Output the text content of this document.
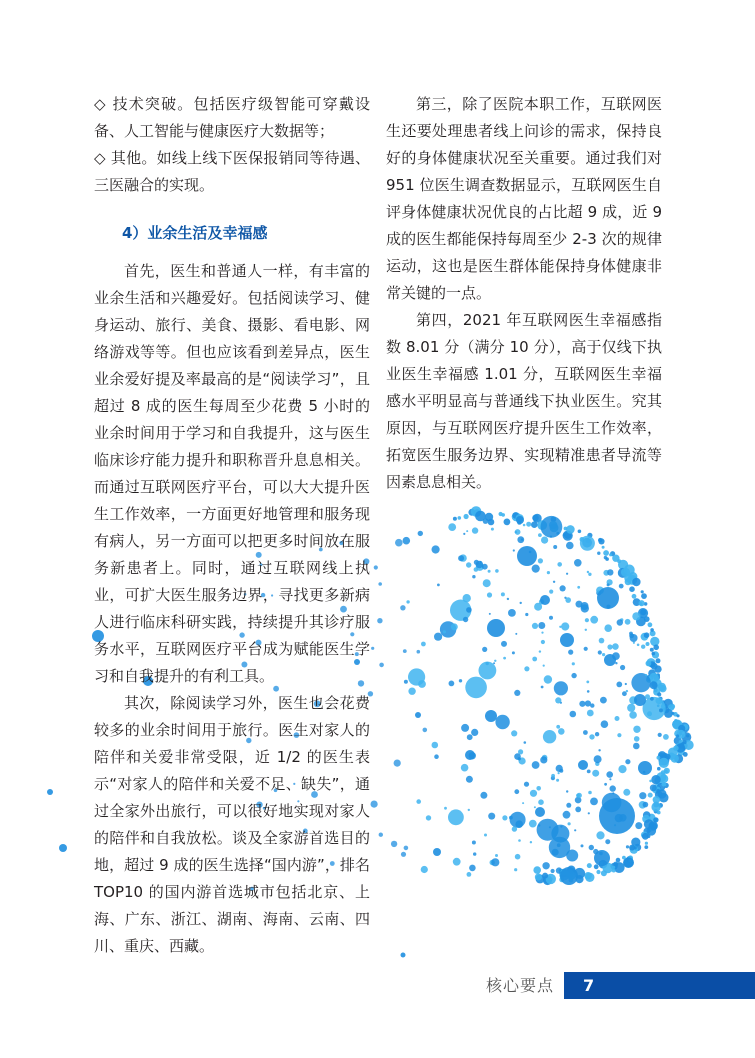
◇ 技术突破。包括医疗级智能可穿戴设备、人工智能与健康医疗大数据等；

◇ 其他。如线上线下医保报销同等待遇、三医融合的实现。

4）业余生活及幸福感

首先，医生和普通人一样，有丰富的业余生活和兴趣爱好。包括阅读学习、健身运动、旅行、美食、摄影、看电影、网络游戏等等。但也应该看到差异点，医生业余爱好提及率最高的是“阅读学习”，且超过 8 成的医生每周至少花费 5 小时的业余时间用于学习和自我提升，这与医生临床诊疗能力提升和职称晋升息息相关。而通过互联网医疗平台，可以大大提升医生工作效率，一方面更好地管理和服务现有病人，另一方面可以把更多时间放在服务新患者上。同时，通过互联网线上执业，可扩大医生服务边界，寻找更多新病人进行临床科研实践，持续提升其诊疗服务水平，互联网医疗平台成为赋能医生学习和自我提升的有利工具。

其次，除阅读学习外，医生也会花费较多的业余时间用于旅行。医生对家人的陪伴和关爱非常受限，近 1/2 的医生表示“对家人的陪伴和关爱不足、缺失”，通过全家外出旅行，可以很好地实现对家人的陪伴和自我放松。谈及全家游首选目的地，超过 9 成的医生选择“国内游”，排名 TOP10 的国内游首选城市包括北京、上海、广东、浙江、湖南、海南、云南、四川、重庆、西藏。

第三，除了医院本职工作，互联网医生还要处理患者线上问诊的需求，保持良好的身体健康状况至关重要。通过我们对 951 位医生调查数据显示，互联网医生自评身体健康状况优良的占比超 9 成，近 9 成的医生都能保持每周至少 2-3 次的规律运动，这也是医生群体能保持身体健康非常关键的一点。

第四，2021 年互联网医生幸福感指数 8.01 分（满分 10 分），高于仅线下执业医生幸福感 1.01 分，互联网医生幸福感水平明显高与普通线下执业医生。究其原因，与互联网医疗提升医生工作效率，拓宽医生服务边界、实现精准患者导流等因素息息相关。

核心要点 7
